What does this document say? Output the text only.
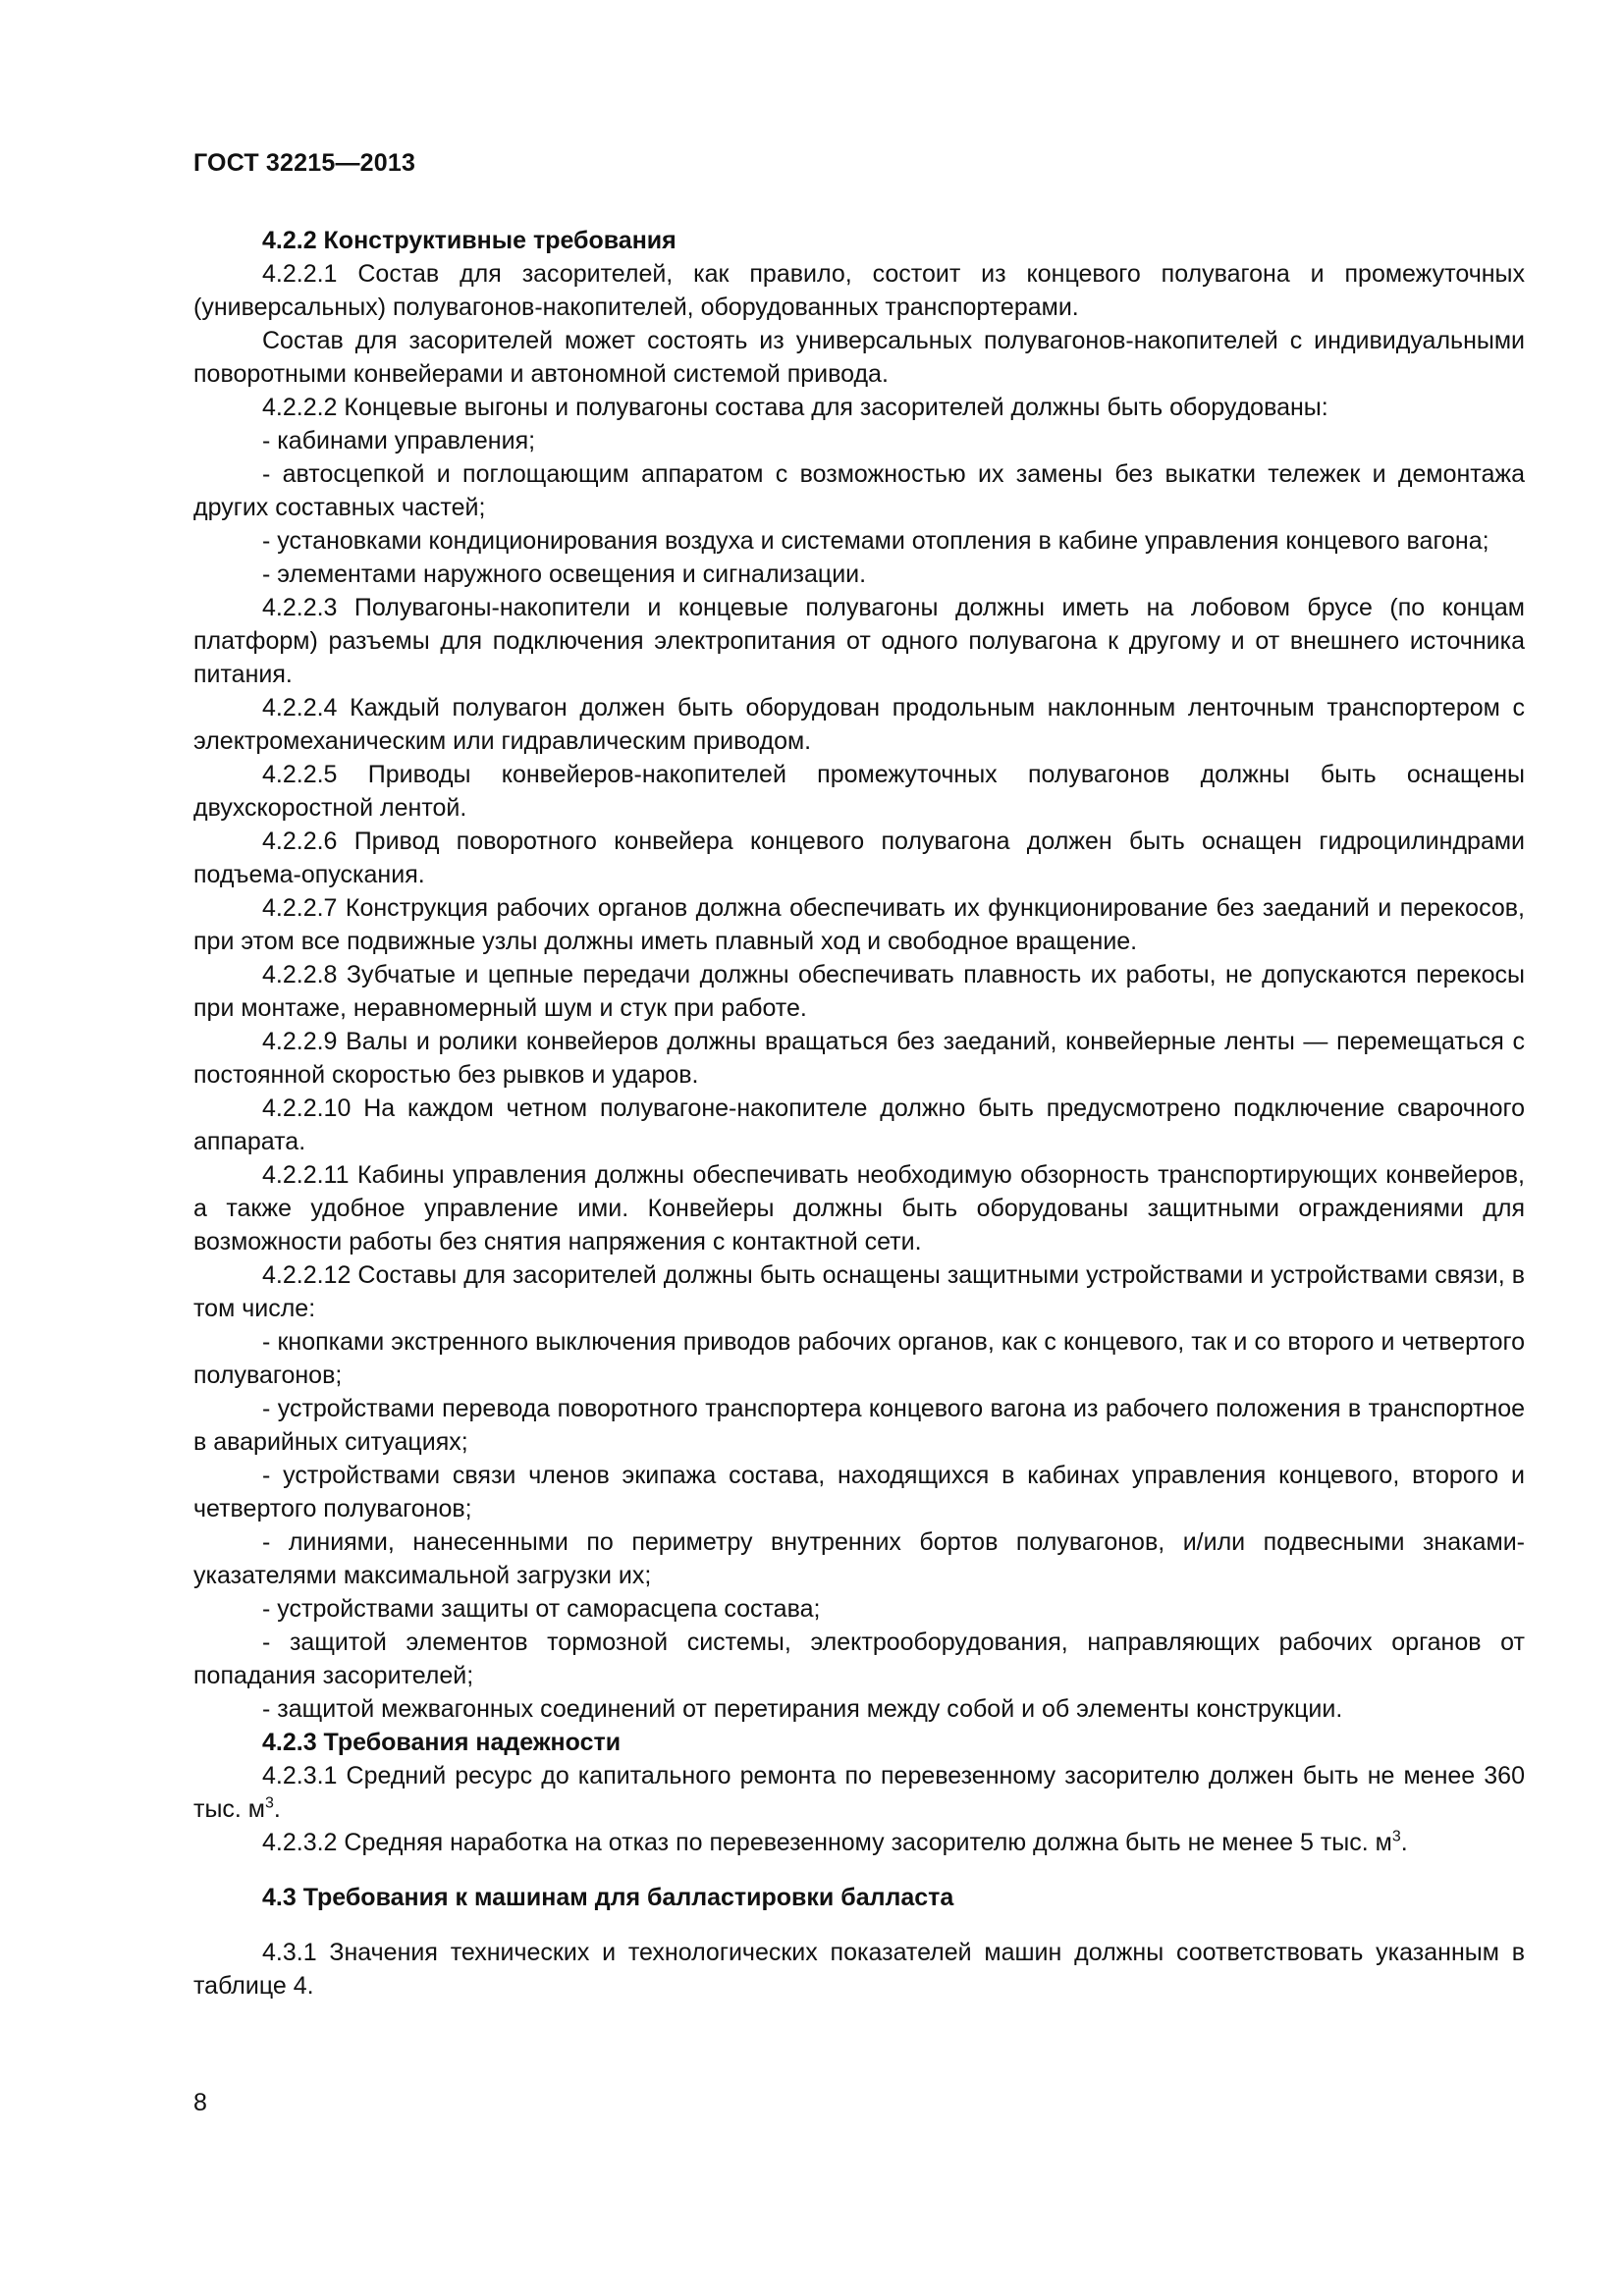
ГОСТ 32215—2013

4.2.2 Конструктивные требования

4.2.2.1 Состав для засорителей, как правило, состоит из концевого полувагона и промежуточных (универсальных) полувагонов-накопителей, оборудованных транспортерами.

Состав для засорителей может состоять из универсальных полувагонов-накопителей с индивидуальными поворотными конвейерами и автономной системой привода.

4.2.2.2 Концевые выгоны и полувагоны состава для засорителей должны быть оборудованы:

- кабинами управления;

- автосцепкой и поглощающим аппаратом с возможностью их замены без выкатки тележек и демонтажа других составных частей;

- установками кондиционирования воздуха и системами отопления в кабине управления концевого вагона;

- элементами наружного освещения и сигнализации.

4.2.2.3 Полувагоны-накопители и концевые полувагоны должны иметь на лобовом брусе (по концам платформ) разъемы для подключения электропитания от одного полувагона к другому и от внешнего источника питания.

4.2.2.4 Каждый полувагон должен быть оборудован продольным наклонным ленточным транспортером с электромеханическим или гидравлическим приводом.

4.2.2.5 Приводы конвейеров-накопителей промежуточных полувагонов должны быть оснащены двухскоростной лентой.

4.2.2.6 Привод поворотного конвейера концевого полувагона должен быть оснащен гидроцилиндрами подъема-опускания.

4.2.2.7 Конструкция рабочих органов должна обеспечивать их функционирование без заеданий и перекосов, при этом все подвижные узлы должны иметь плавный ход и свободное вращение.

4.2.2.8 Зубчатые и цепные передачи должны обеспечивать плавность их работы, не допускаются перекосы при монтаже, неравномерный шум и стук при работе.

4.2.2.9 Валы и ролики конвейеров должны вращаться без заеданий, конвейерные ленты — перемещаться с постоянной скоростью без рывков и ударов.

4.2.2.10 На каждом четном полувагоне-накопителе должно быть предусмотрено подключение сварочного аппарата.

4.2.2.11 Кабины управления должны обеспечивать необходимую обзорность транспортирующих конвейеров, а также удобное управление ими. Конвейеры должны быть оборудованы защитными ограждениями для возможности работы без снятия напряжения с контактной сети.

4.2.2.12 Составы для засорителей должны быть оснащены защитными устройствами и устройствами связи, в том числе:

- кнопками экстренного выключения приводов рабочих органов, как с концевого, так и со второго и четвертого полувагонов;

- устройствами перевода поворотного транспортера концевого вагона из рабочего положения в транспортное в аварийных ситуациях;

- устройствами связи членов экипажа состава, находящихся в кабинах управления концевого, второго и четвертого полувагонов;

- линиями, нанесенными по периметру внутренних бортов полувагонов, и/или подвесными знаками-указателями максимальной загрузки их;

- устройствами защиты от саморасцепа состава;

- защитой элементов тормозной системы, электрооборудования, направляющих рабочих органов от попадания засорителей;

- защитой межвагонных соединений от перетирания между собой и об элементы конструкции.

4.2.3 Требования надежности

4.2.3.1 Средний ресурс до капитального ремонта по перевезенному засорителю должен быть не менее 360 тыс. $м^3$.

4.2.3.2 Средняя наработка на отказ по перевезенному засорителю должна быть не менее 5 тыс. $м^3$.

4.3 Требования к машинам для балластировки балласта

4.3.1 Значения технических и технологических показателей машин должны соответствовать указанным в таблице 4.

8
